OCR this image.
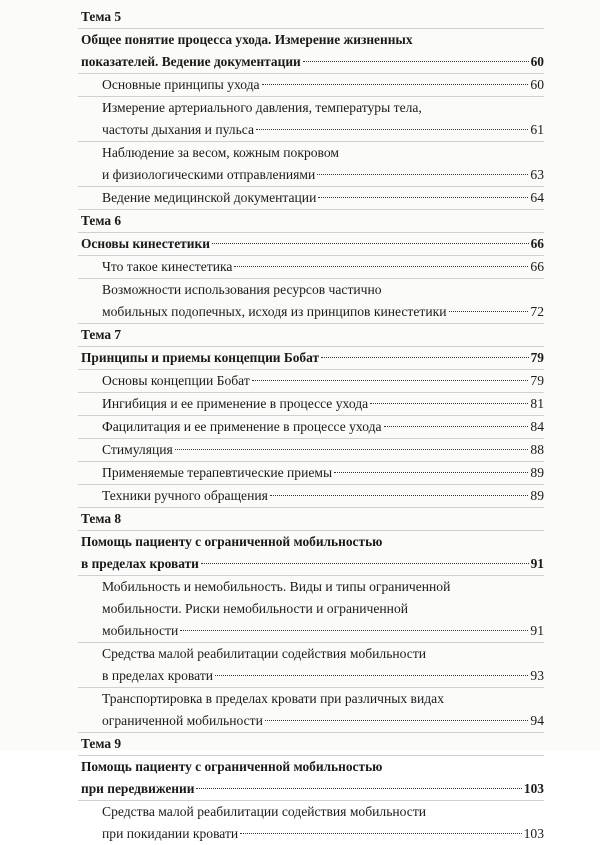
Тема 5
Общее понятие процесса ухода. Измерение жизненных
показателей. Ведение документации	60
Основные принципы ухода	60
Измерение артериального давления, температуры тела,
частоты дыхания и пульса	61
Наблюдение за весом, кожным покровом
и физиологическими отправлениями	63
Ведение медицинской документации	64
Тема 6
Основы кинестетики	66
Что такое кинестетика	66
Возможности использования ресурсов частично
мобильных подопечных, исходя из принципов кинестетики	72
Тема 7
Принципы и приемы концепции Бобат	79
Основы концепции Бобат	79
Ингибиция и ее применение в процессе ухода	81
Фацилитация и ее применение в процессе ухода	84
Стимуляция	88
Применяемые терапевтические приемы	89
Техники ручного обращения	89
Тема 8
Помощь пациенту с ограниченной мобильностью
в пределах кровати	91
Мобильность и немобильность. Виды и типы ограниченной
мобильности. Риски немобильности и ограниченной
мобильности	91
Средства малой реабилитации содействия мобильности
в пределах кровати	93
Транспортировка в пределах кровати при различных видах
ограниченной мобильности	94
Тема 9
Помощь пациенту с ограниченной мобильностью
при передвижении	103
Средства малой реабилитации содействия мобильности
при покидании кровати	103
